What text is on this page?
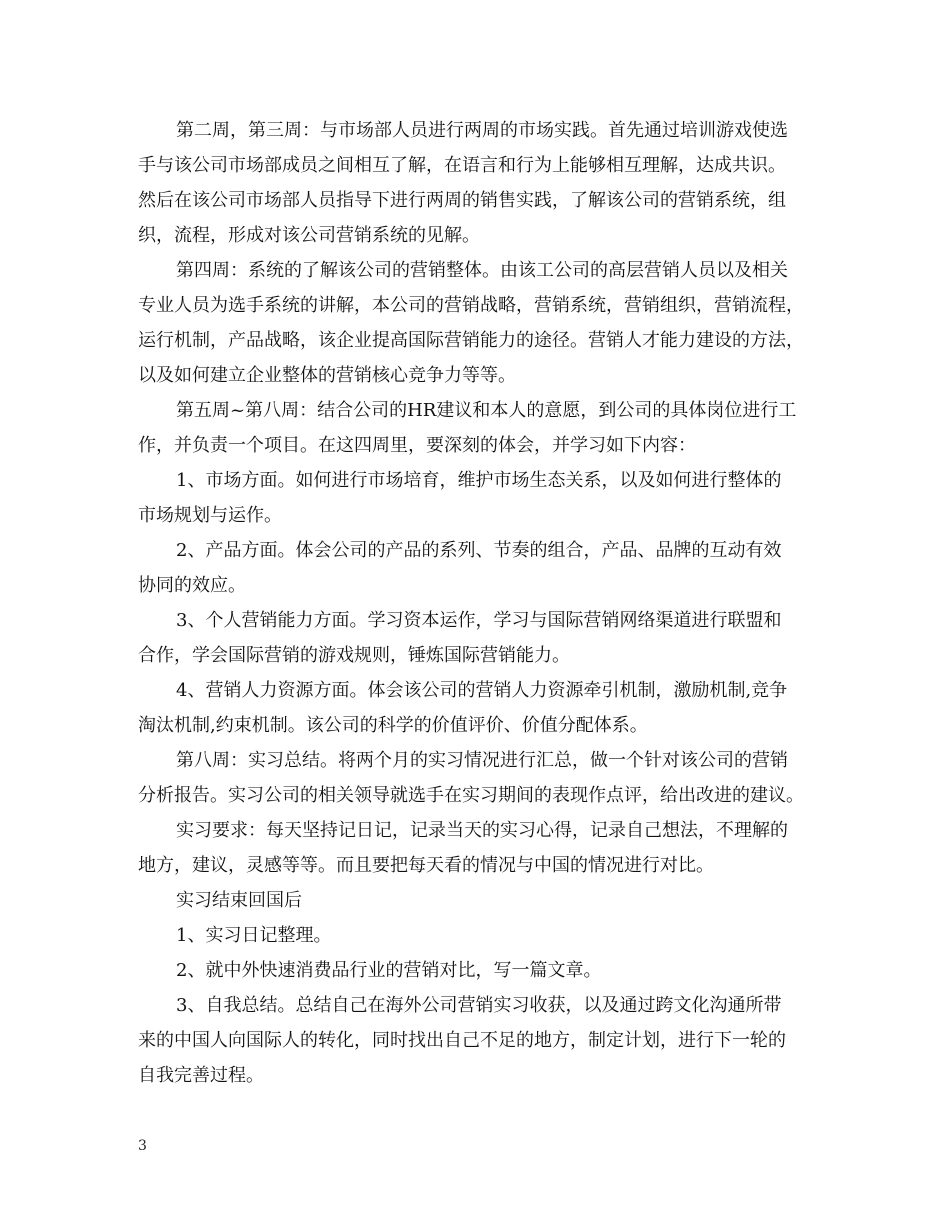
第二周，第三周：与市场部人员进行两周的市场实践。首先通过培训游戏使选
手与该公司市场部成员之间相互了解，在语言和行为上能够相互理解，达成共识。
然后在该公司市场部人员指导下进行两周的销售实践，了解该公司的营销系统，组
织，流程，形成对该公司营销系统的见解。
第四周：系统的了解该公司的营销整体。由该工公司的高层营销人员以及相关
专业人员为选手系统的讲解，本公司的营销战略，营销系统，营销组织，营销流程，
运行机制，产品战略，该企业提高国际营销能力的途径。营销人才能力建设的方法，
以及如何建立企业整体的营销核心竞争力等等。
第五周~第八周：结合公司的HR建议和本人的意愿，到公司的具体岗位进行工
作，并负责一个项目。在这四周里，要深刻的体会，并学习如下内容：
1、市场方面。如何进行市场培育，维护市场生态关系，以及如何进行整体的
市场规划与运作。
2、产品方面。体会公司的产品的系列、节奏的组合，产品、品牌的互动有效
协同的效应。
3、个人营销能力方面。学习资本运作，学习与国际营销网络渠道进行联盟和
合作，学会国际营销的游戏规则，锤炼国际营销能力。
4、营销人力资源方面。体会该公司的营销人力资源牵引机制，激励机制,竞争
淘汰机制,约束机制。该公司的科学的价值评价、价值分配体系。
第八周：实习总结。将两个月的实习情况进行汇总，做一个针对该公司的营销
分析报告。实习公司的相关领导就选手在实习期间的表现作点评，给出改进的建议。
实习要求：每天坚持记日记，记录当天的实习心得，记录自己想法，不理解的
地方，建议，灵感等等。而且要把每天看的情况与中国的情况进行对比。
实习结束回国后
1、实习日记整理。
2、就中外快速消费品行业的营销对比，写一篇文章。
3、自我总结。总结自己在海外公司营销实习收获，以及通过跨文化沟通所带
来的中国人向国际人的转化，同时找出自己不足的地方，制定计划，进行下一轮的
自我完善过程。
3
